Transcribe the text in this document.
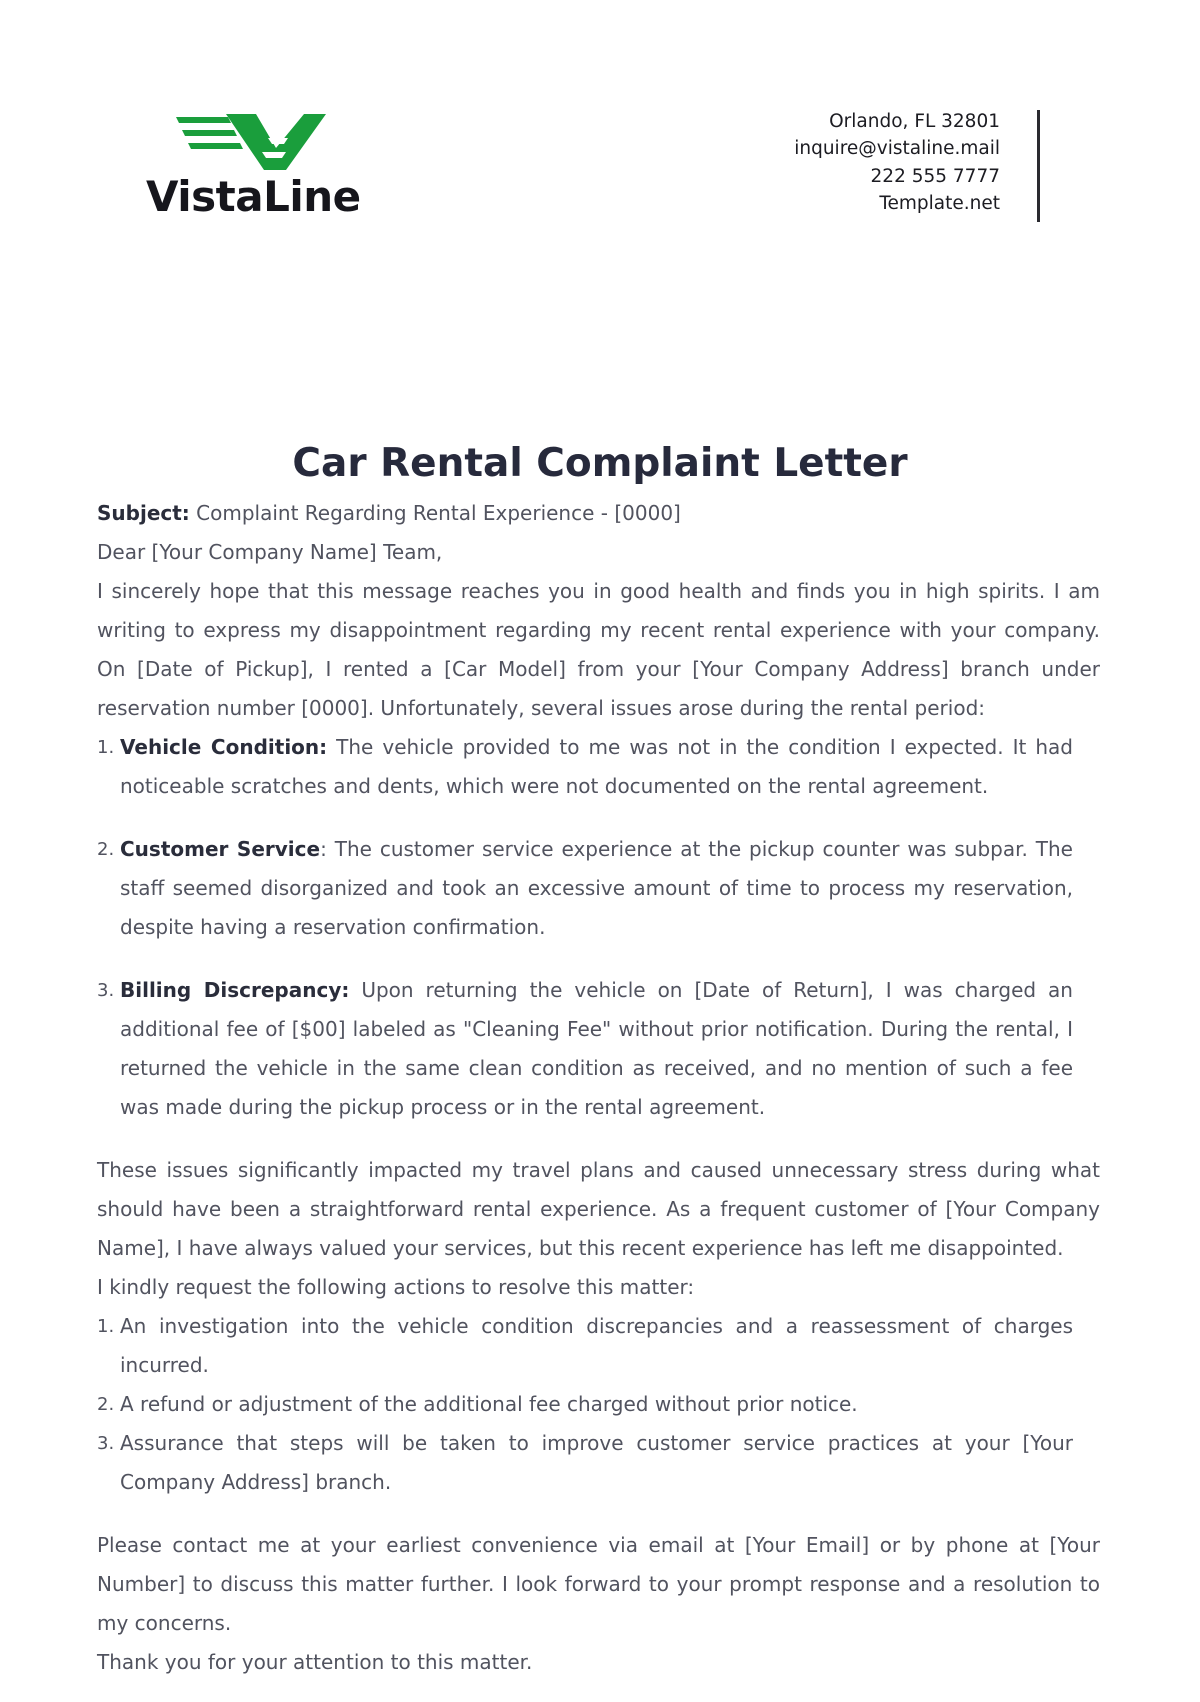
VistaLine
Orlando, FL 32801
inquire@vistaline.mail
222 555 7777
Template.net
Car Rental Complaint Letter

Subject: Complaint Regarding Rental Experience - [0000]

Dear [Your Company Name] Team,

I sincerely hope that this message reaches you in good health and finds you in high spirits. I am writing to express my disappointment regarding my recent rental experience with your company. On [Date of Pickup], I rented a [Car Model] from your [Your Company Address] branch under reservation number [0000]. Unfortunately, several issues arose during the rental period:

1. Vehicle Condition: The vehicle provided to me was not in the condition I expected. It had noticeable scratches and dents, which were not documented on the rental agreement.
2. Customer Service: The customer service experience at the pickup counter was subpar. The staff seemed disorganized and took an excessive amount of time to process my reservation, despite having a reservation confirmation.
3. Billing Discrepancy: Upon returning the vehicle on [Date of Return], I was charged an additional fee of [$00] labeled as "Cleaning Fee" without prior notification. During the rental, I returned the vehicle in the same clean condition as received, and no mention of such a fee was made during the pickup process or in the rental agreement.

These issues significantly impacted my travel plans and caused unnecessary stress during what should have been a straightforward rental experience. As a frequent customer of [Your Company Name], I have always valued your services, but this recent experience has left me disappointed.

I kindly request the following actions to resolve this matter:

1. An investigation into the vehicle condition discrepancies and a reassessment of charges incurred.
2. A refund or adjustment of the additional fee charged without prior notice.
3. Assurance that steps will be taken to improve customer service practices at your [Your Company Address] branch.

Please contact me at your earliest convenience via email at [Your Email] or by phone at [Your Number] to discuss this matter further. I look forward to your prompt response and a resolution to my concerns.

Thank you for your attention to this matter.
